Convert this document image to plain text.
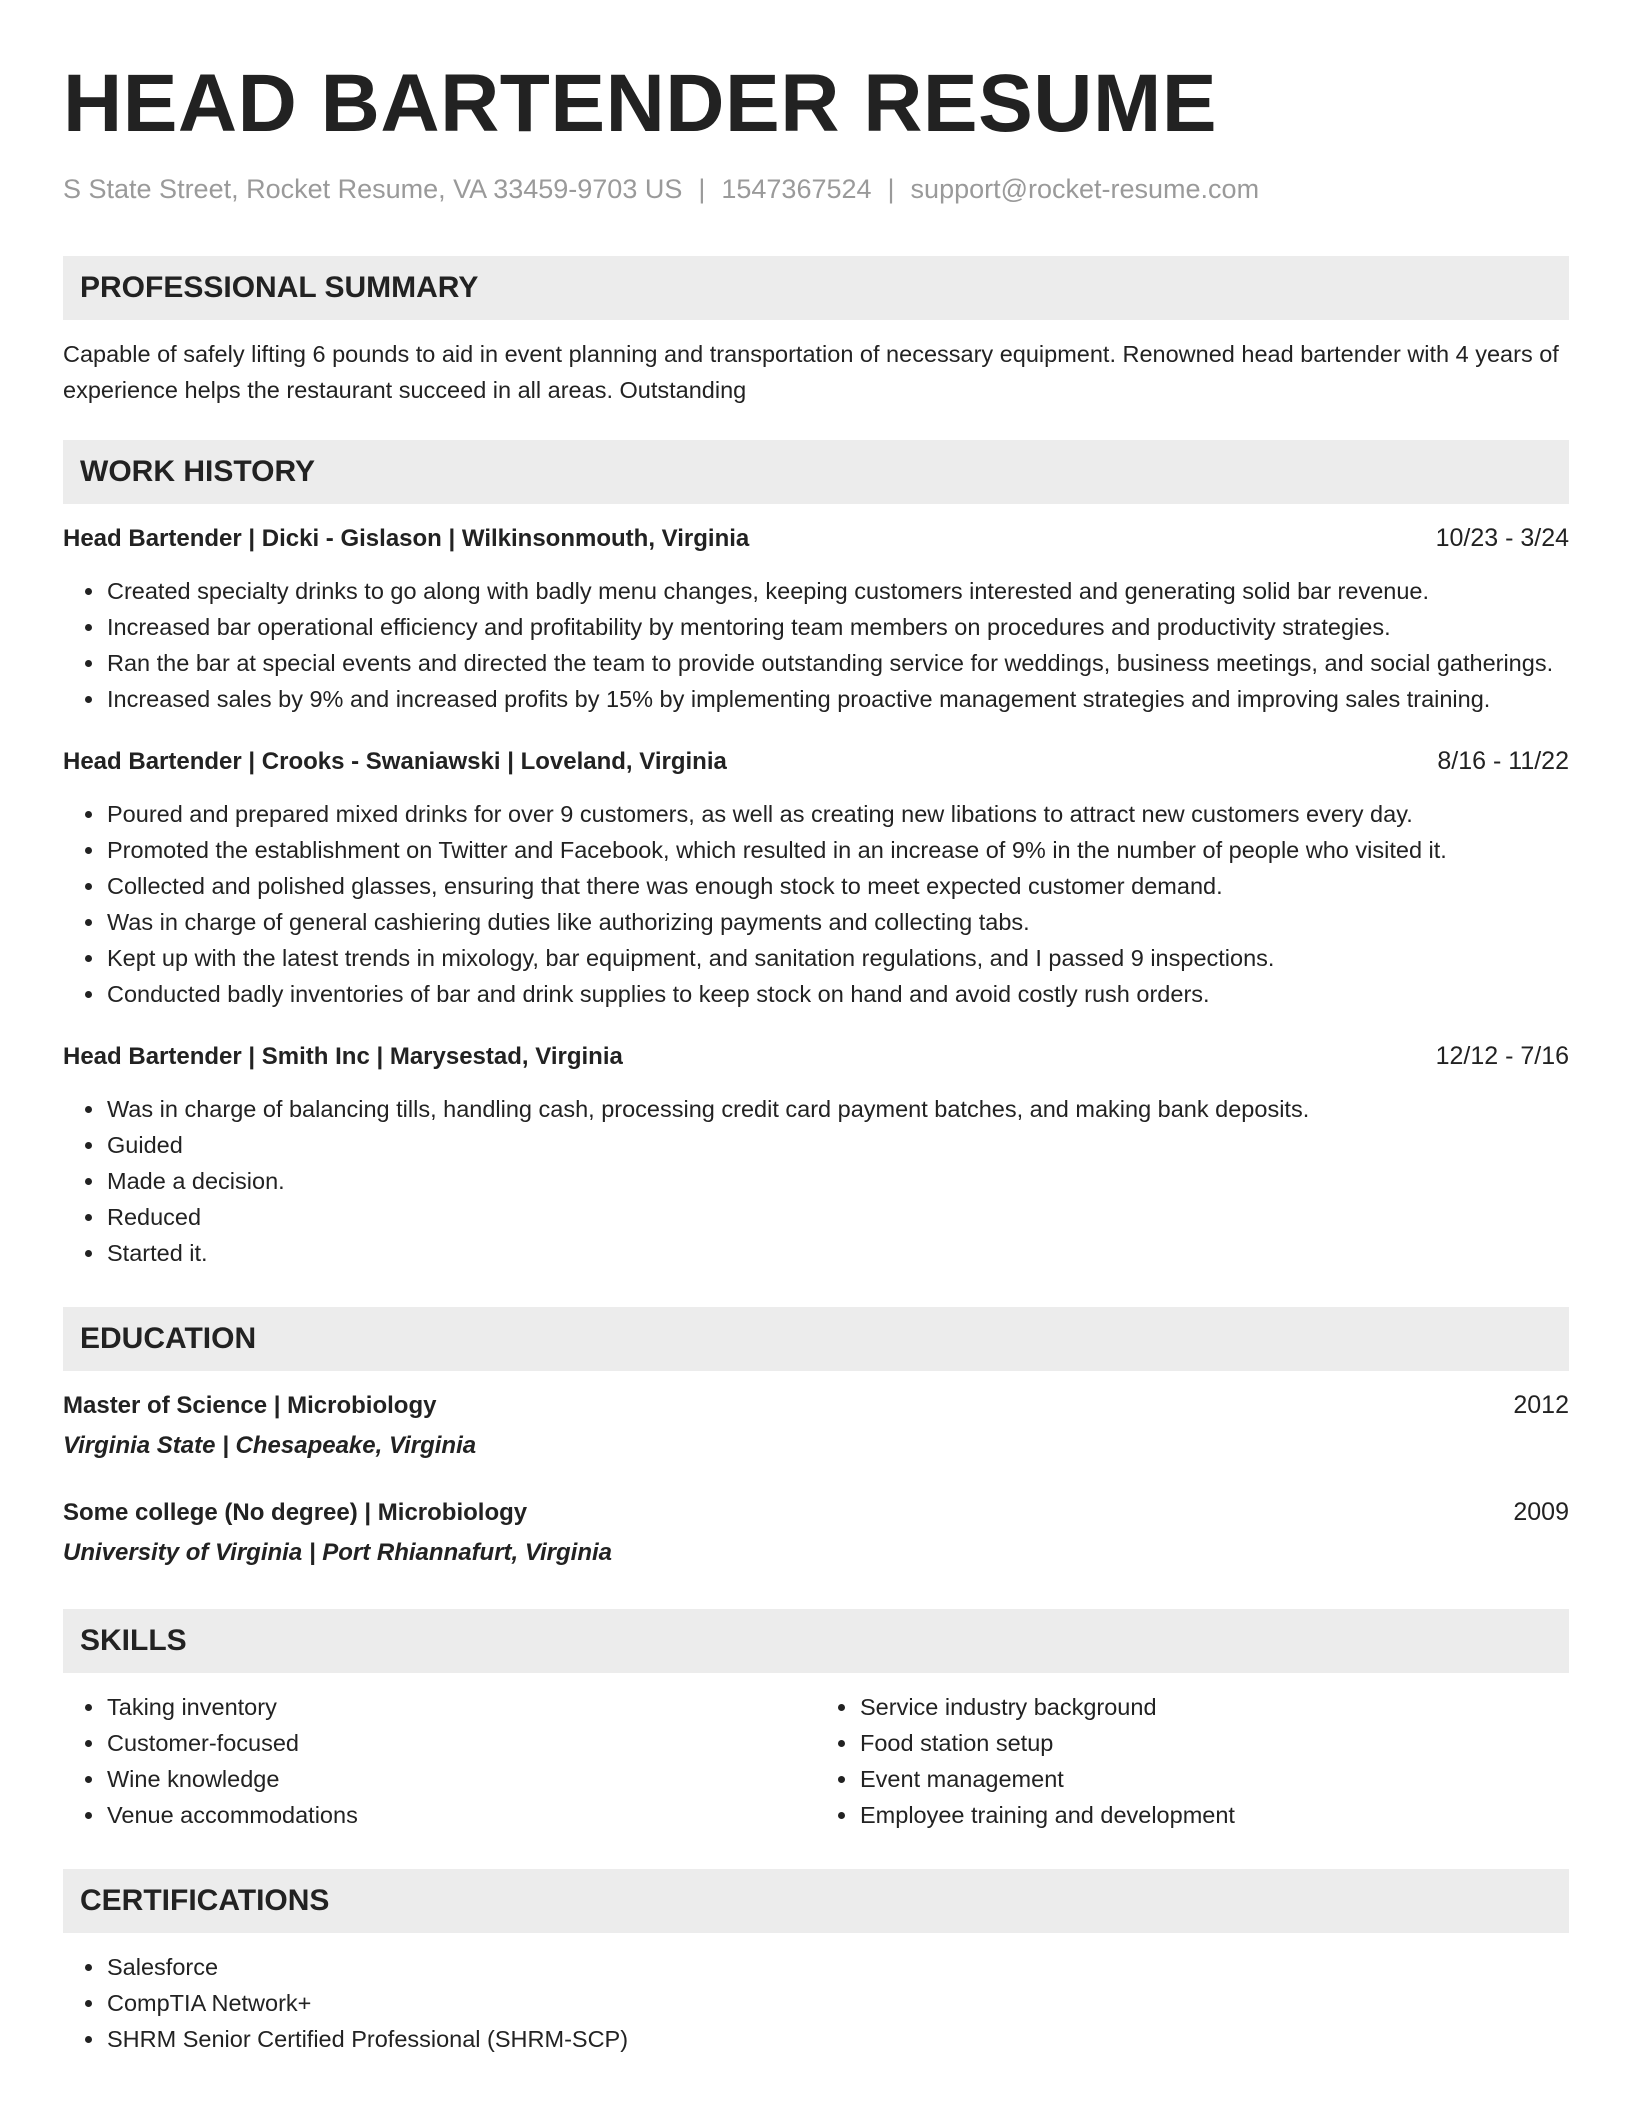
HEAD BARTENDER RESUME
S State Street, Rocket Resume, VA 33459-9703 US | 1547367524 | support@rocket-resume.com
PROFESSIONAL SUMMARY

Capable of safely lifting 6 pounds to aid in event planning and transportation of necessary equipment. Renowned head bartender with 4 years of experience helps the restaurant succeed in all areas. Outstanding

WORK HISTORY
Head Bartender | Dicki - Gislason | Wilkinsonmouth, Virginia	10/23 - 3/24
• Created specialty drinks to go along with badly menu changes, keeping customers interested and generating solid bar revenue.
• Increased bar operational efficiency and profitability by mentoring team members on procedures and productivity strategies.
• Ran the bar at special events and directed the team to provide outstanding service for weddings, business meetings, and social gatherings.
• Increased sales by 9% and increased profits by 15% by implementing proactive management strategies and improving sales training.
Head Bartender | Crooks - Swaniawski | Loveland, Virginia	8/16 - 11/22
• Poured and prepared mixed drinks for over 9 customers, as well as creating new libations to attract new customers every day.
• Promoted the establishment on Twitter and Facebook, which resulted in an increase of 9% in the number of people who visited it.
• Collected and polished glasses, ensuring that there was enough stock to meet expected customer demand.
• Was in charge of general cashiering duties like authorizing payments and collecting tabs.
• Kept up with the latest trends in mixology, bar equipment, and sanitation regulations, and I passed 9 inspections.
• Conducted badly inventories of bar and drink supplies to keep stock on hand and avoid costly rush orders.
Head Bartender | Smith Inc | Marysestad, Virginia	12/12 - 7/16
• Was in charge of balancing tills, handling cash, processing credit card payment batches, and making bank deposits.
• Guided
• Made a decision.
• Reduced
• Started it.
EDUCATION
Master of Science | Microbiology	2012
Virginia State | Chesapeake, Virginia
Some college (No degree) | Microbiology	2009
University of Virginia | Port Rhiannafurt, Virginia
SKILLS
• Taking inventory
• Customer-focused
• Wine knowledge
• Venue accommodations
• Service industry background
• Food station setup
• Event management
• Employee training and development
CERTIFICATIONS
• Salesforce
• CompTIA Network+
• SHRM Senior Certified Professional (SHRM-SCP)
